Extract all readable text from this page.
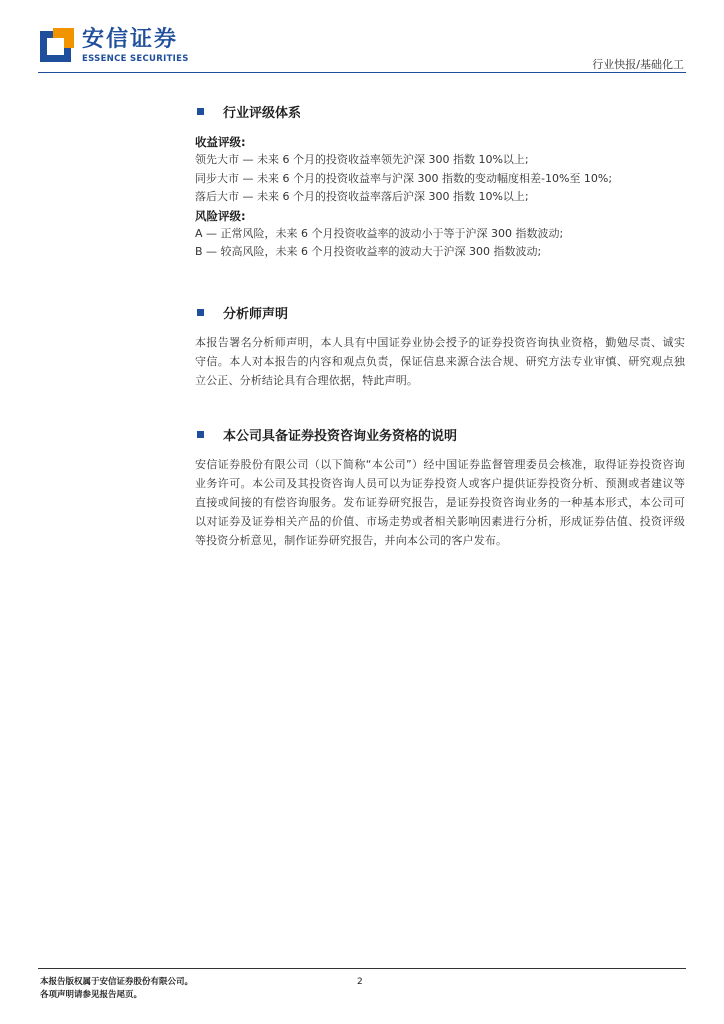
安信证券
ESSENCE SECURITIES	行业快报/基础化工
行业评级体系
收益评级:
领先大市 — 未来 6 个月的投资收益率领先沪深 300 指数 10%以上;
同步大市 — 未来 6 个月的投资收益率与沪深 300 指数的变动幅度相差-10%至 10%;
落后大市 — 未来 6 个月的投资收益率落后沪深 300 指数 10%以上;
风险评级:
A — 正常风险，未来 6 个月投资收益率的波动小于等于沪深 300 指数波动;
B — 较高风险，未来 6 个月投资收益率的波动大于沪深 300 指数波动;
分析师声明
本报告署名分析师声明，本人具有中国证券业协会授予的证券投资咨询执业资格，勤勉尽责、诚实守信。本人对本报告的内容和观点负责，保证信息来源合法合规、研究方法专业审慎、研究观点独立公正、分析结论具有合理依据，特此声明。
本公司具备证券投资咨询业务资格的说明
安信证券股份有限公司（以下简称“本公司”）经中国证券监督管理委员会核准，取得证券投资咨询业务许可。本公司及其投资咨询人员可以为证券投资人或客户提供证券投资分析、预测或者建议等直接或间接的有偿咨询服务。发布证券研究报告，是证券投资咨询业务的一种基本形式，本公司可以对证券及证券相关产品的价值、市场走势或者相关影响因素进行分析，形成证券估值、投资评级等投资分析意见，制作证券研究报告，并向本公司的客户发布。
本报告版权属于安信证券股份有限公司。
各项声明请参见报告尾页。
2
